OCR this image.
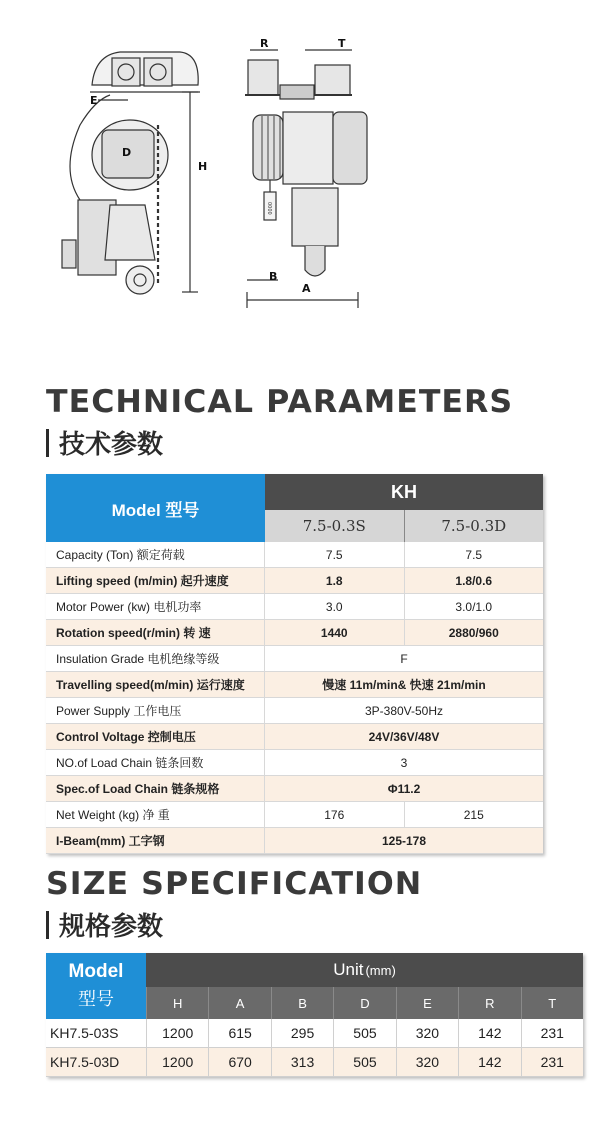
E
D
H
R	T
B
A
0000
TECHNICAL PARAMETERS
技术参数
Model 型号
KH
7.5-0.3S	7.5-0.3D
Capacity (Ton) 额定荷载	7.5	7.5
Lifting speed (m/min) 起升速度	1.8	1.8/0.6
Motor Power (kw) 电机功率	3.0	3.0/1.0
Rotation speed(r/min) 转 速	1440	2880/960
Insulation Grade 电机绝缘等级	F
Travelling speed(m/min) 运行速度	慢速 11m/min& 快速 21m/min
Power Supply 工作电压	3P-380V-50Hz
Control Voltage 控制电压	24V/36V/48V
NO.of Load Chain 链条回数	3
Spec.of Load Chain 链条规格	Φ11.2
Net Weight (kg) 净 重	176	215
I-Beam(mm) 工字钢	125-178
SIZE SPECIFICATION
规格参数
Model
型号
Unit (mm)
H	A	B	D	E	R	T
KH7.5-03S	1200	615	295	505	320	142	231
KH7.5-03D	1200	670	313	505	320	142	231
